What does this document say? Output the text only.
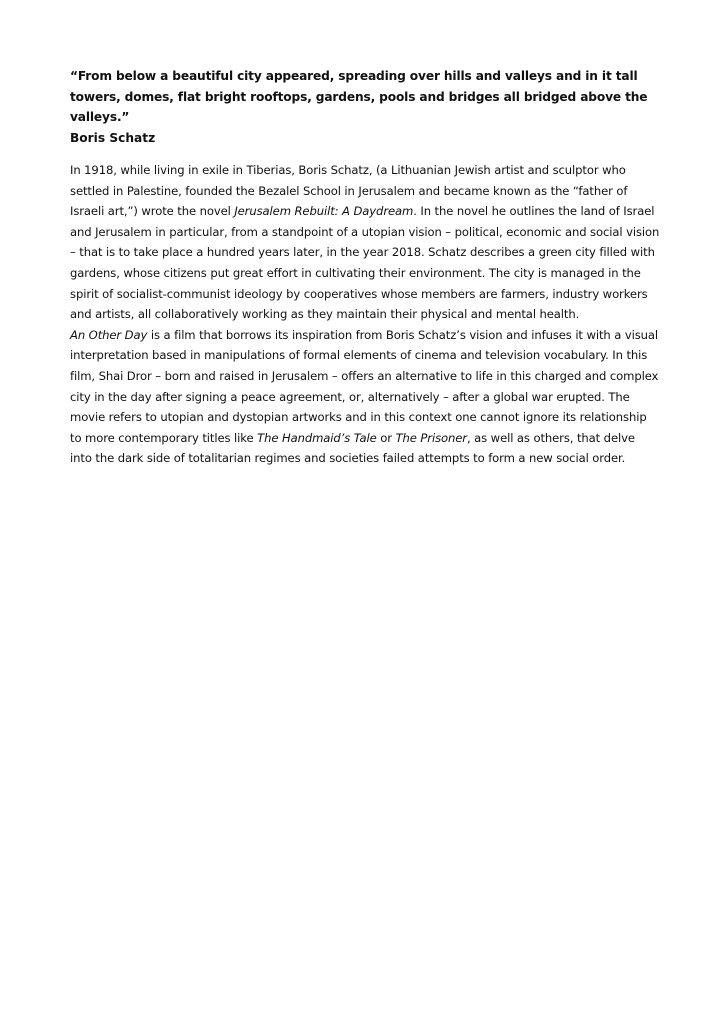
“From below a beautiful city appeared, spreading over hills and valleys and in it tall towers, domes, flat bright rooftops, gardens, pools and bridges all bridged above the valleys.”

Boris Schatz

In 1918, while living in exile in Tiberias, Boris Schatz, (a Lithuanian Jewish artist and sculptor who settled in Palestine, founded the Bezalel School in Jerusalem and became known as the “father of Israeli art,”) wrote the novel Jerusalem Rebuilt: A Daydream. In the novel he outlines the land of Israel and Jerusalem in particular, from a standpoint of a utopian vision – political, economic and social vision – that is to take place a hundred years later, in the year 2018. Schatz describes a green city filled with gardens, whose citizens put great effort in cultivating their environment. The city is managed in the spirit of socialist-communist ideology by cooperatives whose members are farmers, industry workers and artists, all collaboratively working as they maintain their physical and mental health.

An Other Day is a film that borrows its inspiration from Boris Schatz’s vision and infuses it with a visual interpretation based in manipulations of formal elements of cinema and television vocabulary. In this film, Shai Dror – born and raised in Jerusalem – offers an alternative to life in this charged and complex city in the day after signing a peace agreement, or, alternatively – after a global war erupted. The movie refers to utopian and dystopian artworks and in this context one cannot ignore its relationship to more contemporary titles like The Handmaid’s Tale or The Prisoner, as well as others, that delve into the dark side of totalitarian regimes and societies failed attempts to form a new social order.
